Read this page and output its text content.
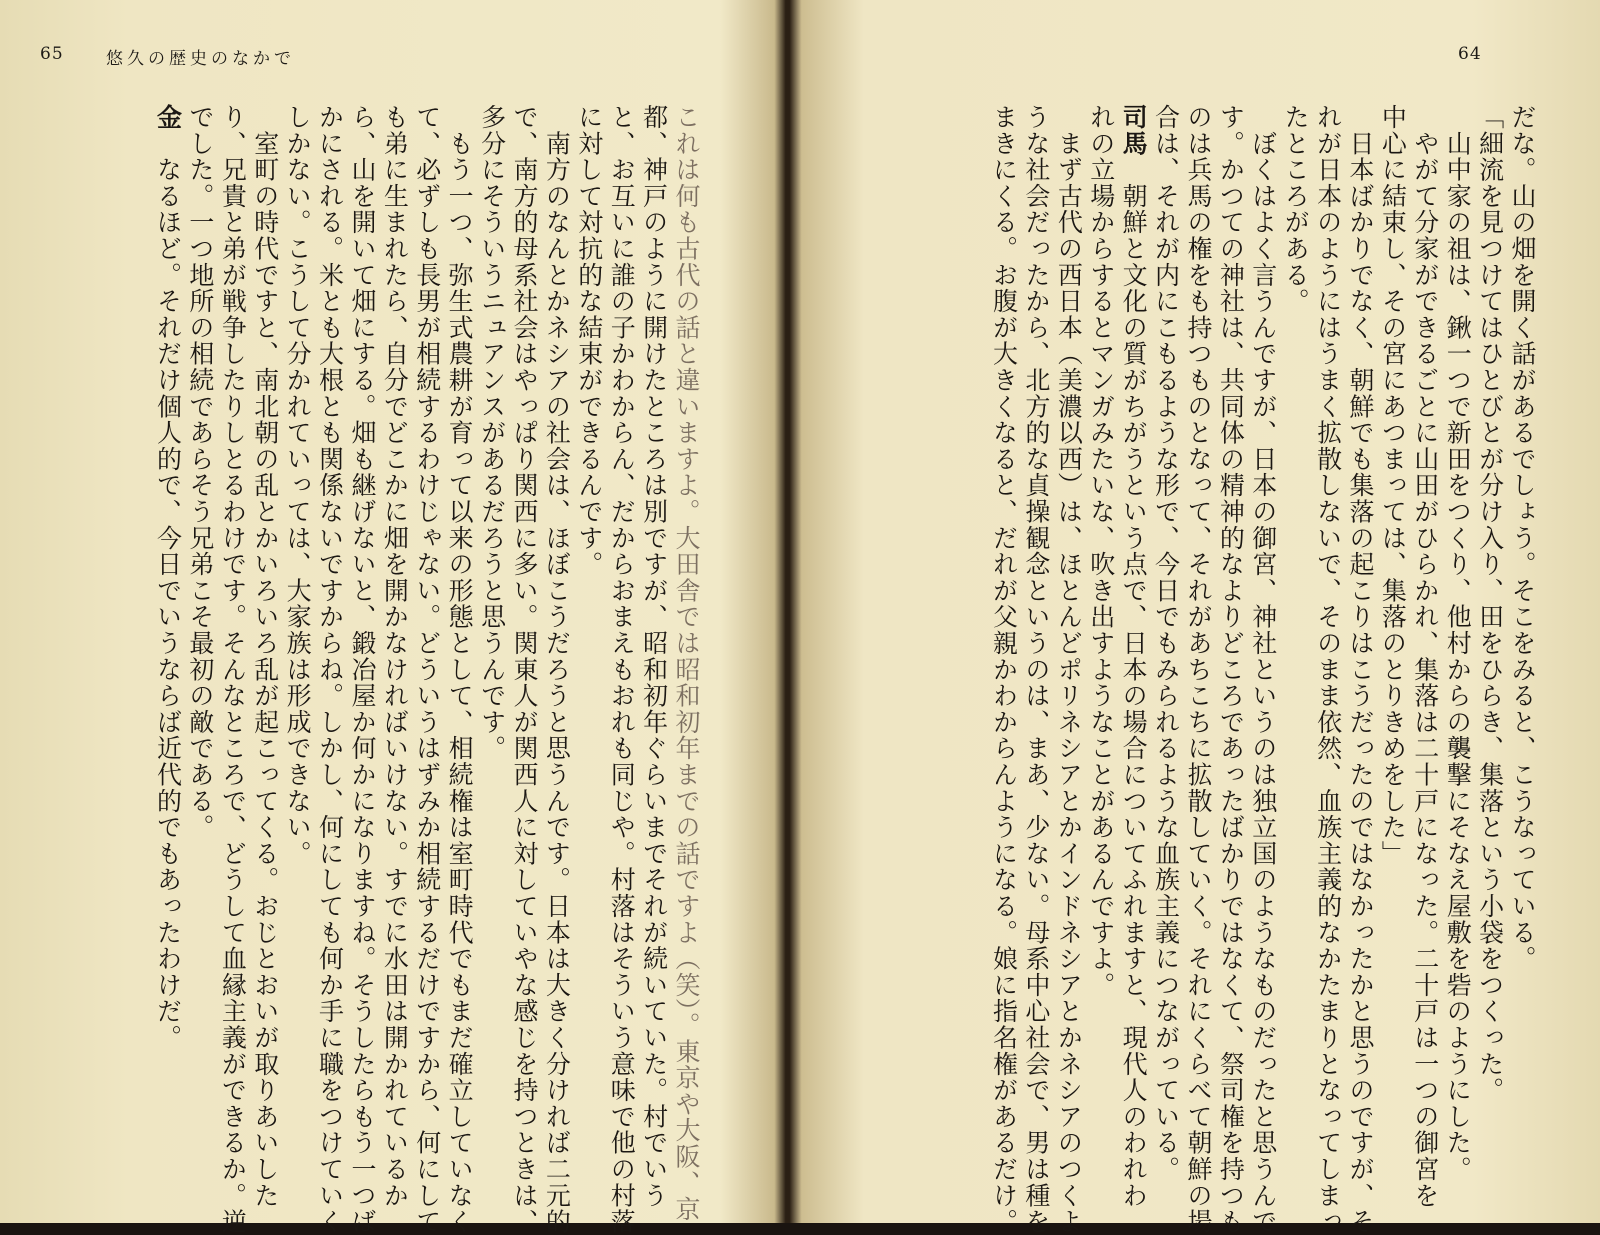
65 悠久の歴史のなかで
これは何も古代の話と違いますよ。大田舎では昭和初年までの話ですよ（笑）。東京や大阪、京
都、神戸のように開けたところは別ですが、昭和初年ぐらいまでそれが続いていた。村でいう
と、お互いに誰の子かわからん、だからおまえもおれも同じや。村落はそういう意味で他の村落
に対して対抗的な結束ができるんです。
　南方のなんとかネシアの社会は、ほぼこうだろうと思うんです。日本は大きく分ければ二元的
で、南方的母系社会はやっぱり関西に多い。関東人が関西人に対していやな感じを持つときは、
多分にそういうニュアンスがあるだろうと思うんです。
　もう一つ、弥生式農耕が育って以来の形態として、相続権は室町時代でもまだ確立していなく
て、必ずしも長男が相続するわけじゃない。どういうはずみか相続するだけですから、何にして
も弟に生まれたら、自分でどこかに畑を開かなければいけない。すでに水田は開かれているか
ら、山を開いて畑にする。畑も継げないと、鍛冶屋か何かになりますね。そうしたらもう一つば
かにされる。米とも大根とも関係ないですからね。しかし、何にしても何か手に職をつけていく
しかない。こうして分かれていっては、大家族は形成できない。
　室町の時代ですと、南北朝の乱とかいろいろ乱が起こってくる。おじとおいが取りあいした
り、兄貴と弟が戦争したりしとるわけです。そんなところで、どうして血縁主義ができるか。逆
でした。一つ地所の相続であらそう兄弟こそ最初の敵である。
金　なるほど。それだけ個人的で、今日でいうならば近代的でもあったわけだ。
64
だな。山の畑を開く話があるでしょう。そこをみると、こうなっている。
「細流を見つけてはひとびとが分け入り、田をひらき、集落という小袋をつくった。
　山中家の祖は、鍬一つで新田をつくり、他村からの襲撃にそなえ屋敷を砦のようにした。
　やがて分家ができるごとに山田がひらかれ、集落は二十戸になった。二十戸は一つの御宮を
中心に結束し、その宮にあつまっては、集落のとりきめをした」
　日本ばかりでなく、朝鮮でも集落の起こりはこうだったのではなかったかと思うのですが、そ
れが日本のようにはうまく拡散しないで、そのまま依然、血族主義的なかたまりとなってしまっ
たところがある。
　ぼくはよく言うんですが、日本の御宮、神社というのは独立国のようなものだったと思うんで
す。かつての神社は、共同体の精神的なよりどころであったばかりではなくて、祭司権を持つも
のは兵馬の権をも持つものとなって、それがあちこちに拡散していく。それにくらべて朝鮮の場
合は、それが内にこもるような形で、今日でもみられるような血族主義につながっている。
司馬　朝鮮と文化の質がちがうという点で、日本の場合についてふれますと、現代人のわれわ
れの立場からするとマンガみたいな、吹き出すようなことがあるんですよ。
　まず古代の西日本（美濃以西）は、ほとんどポリネシアとかインドネシアとかネシアのつくよ
うな社会だったから、北方的な貞操観念というのは、まあ、少ない。母系中心社会で、男は種を
まきにくる。お腹が大きくなると、だれが父親かわからんようになる。娘に指名権があるだけ。
